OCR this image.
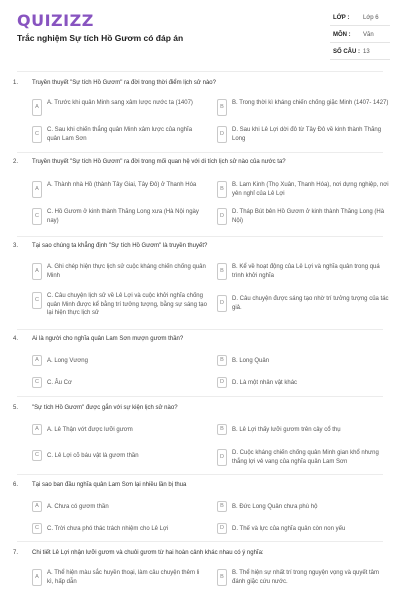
QUIZIZZ
Trắc nghiệm Sự tích Hồ Gươm có đáp án
LỚP : Lớp 6
MÔN : Văn
SỐ CÂU : 13
1. Truyền thuyết "Sự tích Hồ Gươm" ra đời trong thời điểm lịch sử nào?
A
A. Trước khi quân Minh sang xâm lược nước ta (1407)
B
B. Trong thời kì kháng chiến chống giặc Minh (1407- 1427)
C
C. Sau khi chiến thắng quân Minh xâm lược của nghĩa quân Lam Sơn
D
D. Sau khi Lê Lợi dời đô từ Tây Đô về kinh thành Thăng Long
2. Truyền thuyết "Sự tích Hồ Gươm" ra đời trong mối quan hệ với di tích lịch sử nào của nước ta?
A
A. Thành nhà Hồ (thành Tây Giai, Tây Đô) ở Thanh Hóa
B
B. Lam Kinh (Thọ Xuân, Thanh Hóa), nơi dựng nghiệp, nơi yên nghỉ của Lê Lợi
C
C. Hồ Gươm ở kinh thành Thăng Long xưa (Hà Nội ngày nay)
D
D. Tháp Bút bên Hồ Gươm ở kinh thành Thăng Long (Hà Nội)
3. Tại sao chúng ta khẳng định "Sự tích Hồ Gươm" là truyền thuyết?
A
A. Ghi chép hiện thực lịch sử cuộc kháng chiến chống quân Minh
B
B. Kể về hoạt động của Lê Lợi và nghĩa quân trong quá trình khởi nghĩa
C
C. Câu chuyện lịch sử về Lê Lợi và cuộc khởi nghĩa chống quân Minh được kể bằng trí tưởng tượng, bằng sự sáng tạo lại hiện thực lịch sử
D
D. Câu chuyện được sáng tạo nhờ trí tưởng tượng của tác giả.
4. Ai là người cho nghĩa quân Lam Sơn mượn gươm thần?
A	A. Long Vương	B	B. Long Quân
C	C. Âu Cơ	D	D. Là một nhân vật khác
5. "Sự tích Hồ Gươm" được gắn với sự kiện lịch sử nào?
A	A. Lê Thận vớt được lưỡi gươm	B	B. Lê Lợi thấy lưỡi gươm trên cây cổ thụ
C	C. Lê Lợi cõ báu vật là gươm thần	D
D. Cuộc kháng chiến chống quân Minh gian khổ nhưng thắng lợi vẻ vang của nghĩa quân Lam Sơn
6. Tại sao ban đầu nghĩa quân Lam Sơn lại nhiều lần bị thua
A	A. Chưa có gươm thần	B	B. Đức Long Quân chưa phù hộ
C	C. Trời chưa phó thác trách nhiệm cho Lê Lợi	D	D. Thế và lực của nghĩa quân còn non yếu
7. Chi tiết Lê Lợi nhận lưỡi gươm và chuôi gươm từ hai hoàn cảnh khác nhau có ý nghĩa:
A
A. Thể hiện màu sắc huyền thoại, làm câu chuyện thêm li kì, hấp dẫn
B
B. Thể hiện sự nhất trí trong nguyện vọng và quyết tâm đánh giặc cứu nước.
